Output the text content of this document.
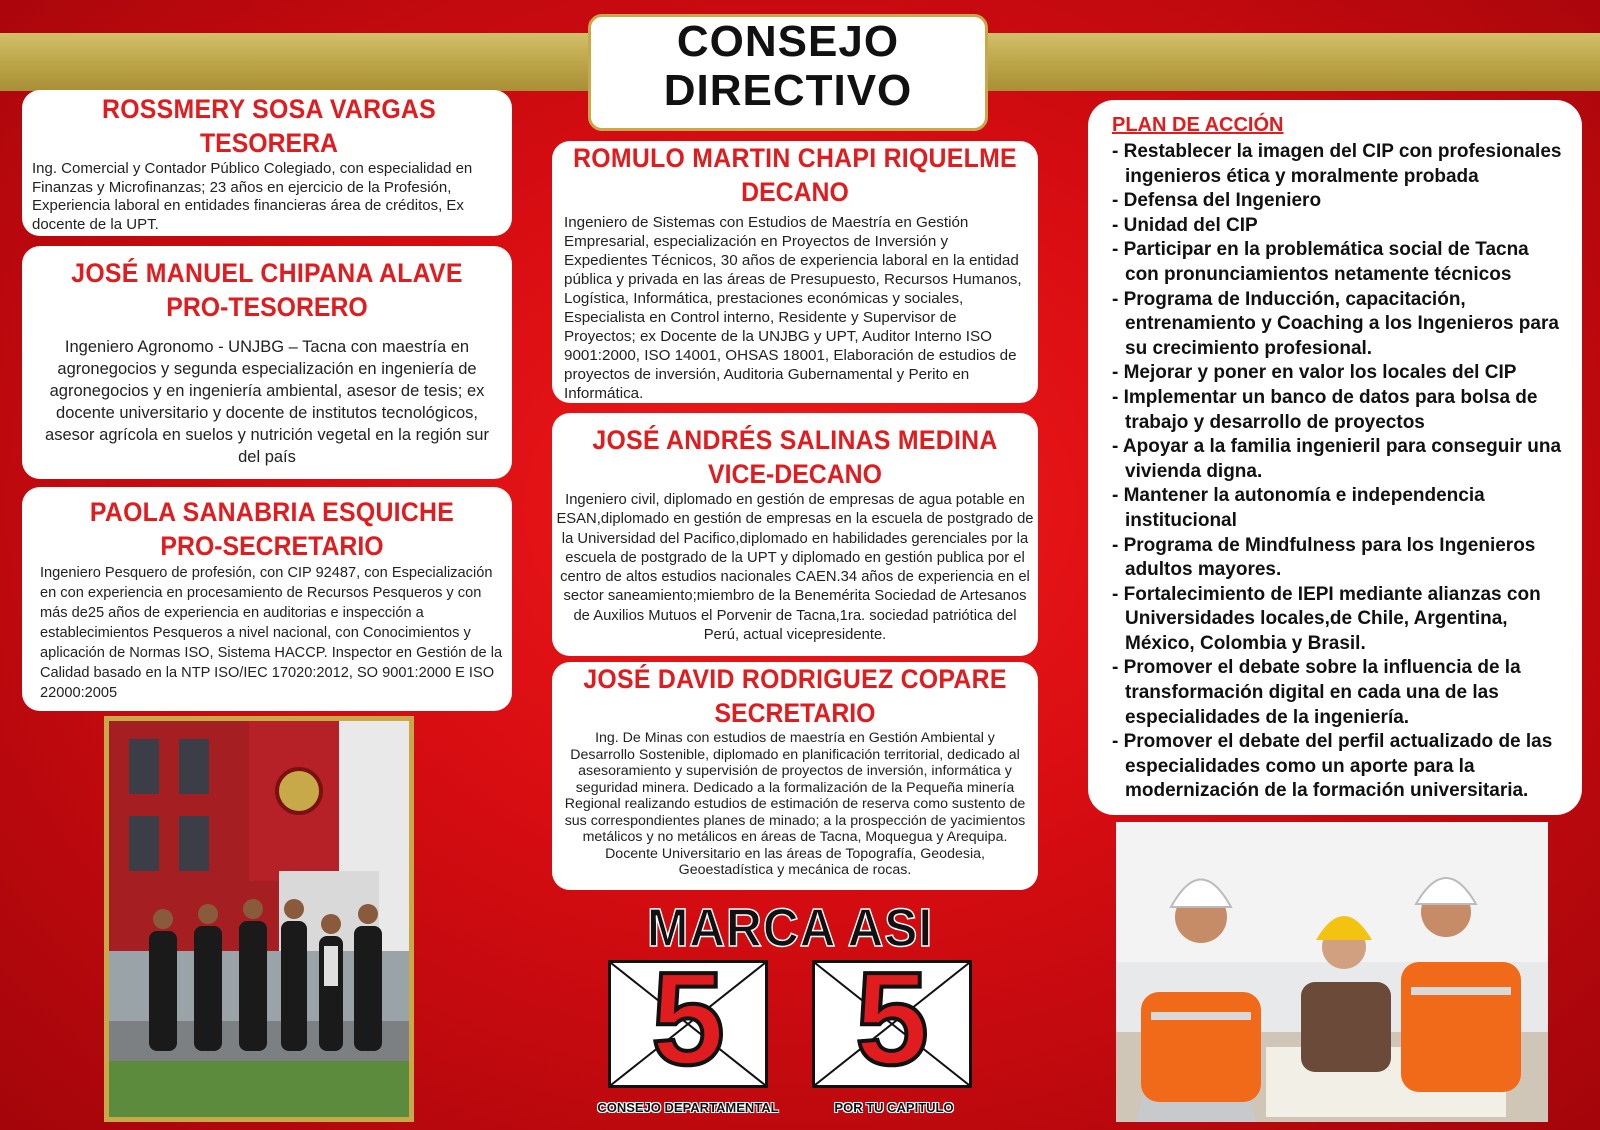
CONSEJO
DIRECTIVO
ROSSMERY SOSA VARGAS
TESORERA
Ing. Comercial y Contador Público Colegiado, con especialidad en Finanzas y Microfinanzas; 23 años en ejercicio de la Profesión, Experiencia laboral en entidades financieras área de créditos, Ex docente de la UPT.
JOSÉ MANUEL CHIPANA ALAVE
PRO-TESORERO
Ingeniero Agronomo - UNJBG – Tacna con maestría en agronegocios y segunda especialización en ingeniería de agronegocios y en ingeniería ambiental, asesor de tesis; ex docente universitario y docente de institutos tecnológicos, asesor agrícola en suelos y nutrición vegetal en la región sur del país
PAOLA SANABRIA ESQUICHE
PRO-SECRETARIO
Ingeniero Pesquero de profesión, con CIP 92487, con Especialización en con experiencia en procesamiento de Recursos Pesqueros y con más de25 años de experiencia en auditorias e inspección a establecimientos Pesqueros a nivel nacional, con Conocimientos y aplicación de Normas ISO, Sistema HACCP. Inspector en Gestión de la Calidad basado en la NTP ISO/IEC 17020:2012, SO 9001:2000 E ISO 22000:2005
ROMULO MARTIN CHAPI RIQUELME
DECANO
Ingeniero de Sistemas con Estudios de Maestría en Gestión Empresarial, especialización en Proyectos de Inversión y Expedientes Técnicos, 30 años de experiencia laboral en la entidad pública y privada en las áreas de Presupuesto, Recursos Humanos, Logística, Informática, prestaciones económicas y sociales, Especialista en Control interno, Residente y Supervisor de Proyectos; ex Docente de la UNJBG y UPT, Auditor Interno ISO 9001:2000, ISO 14001, OHSAS 18001, Elaboración de estudios de proyectos de inversión, Auditoria Gubernamental y Perito en Informática.
JOSÉ ANDRÉS SALINAS MEDINA
VICE-DECANO
Ingeniero civil, diplomado en gestión de empresas de agua potable en ESAN,diplomado en gestión de empresas en la escuela de postgrado de la Universidad del Pacifico,diplomado en habilidades gerenciales por la escuela de postgrado de la UPT y diplomado en gestión publica por el centro de altos estudios nacionales CAEN.34 años de experiencia en el sector saneamiento;miembro de la Benemérita Sociedad de Artesanos de Auxilios Mutuos el Porvenir de Tacna,1ra. sociedad patriótica del Perú, actual vicepresidente.
JOSÉ DAVID RODRIGUEZ COPARE
SECRETARIO
Ing. De Minas con estudios de maestría en Gestión Ambiental y Desarrollo Sostenible, diplomado en planificación territorial, dedicado al asesoramiento y supervisión de proyectos de inversión, informática y seguridad minera. Dedicado a la formalización de la Pequeña minería Regional realizando estudios de estimación de reserva como sustento de sus correspondientes planes de minado; a la prospección de yacimientos metálicos y no metálicos en áreas de Tacna, Moquegua y Arequipa. Docente Universitario en las áreas de Topografía, Geodesia, Geoestadística y mecánica de rocas.
MARCA ASI
5
CONSEJO DEPARTAMENTAL
5
POR TU CAPITULO
PLAN DE ACCIÓN
- Restablecer la imagen del CIP con profesionales ingenieros ética y moralmente probada
- Defensa del Ingeniero
- Unidad del CIP
- Participar en la problemática social de Tacna con pronunciamientos netamente técnicos
- Programa de Inducción, capacitación, entrenamiento y Coaching a los Ingenieros para su crecimiento profesional.
- Mejorar y poner en valor los locales del CIP
- Implementar un banco de datos para bolsa de trabajo y desarrollo de proyectos
- Apoyar a la familia ingenieril para conseguir una vivienda digna.
- Mantener la autonomía e independencia institucional
- Programa de Mindfulness para los Ingenieros adultos mayores.
- Fortalecimiento de IEPI mediante alianzas con Universidades locales,de Chile, Argentina, México, Colombia y Brasil.
- Promover el debate sobre la influencia de la transformación digital en cada una de las especialidades de la ingeniería.
- Promover el debate del perfil actualizado de las especialidades como un aporte para la modernización de la formación universitaria.
